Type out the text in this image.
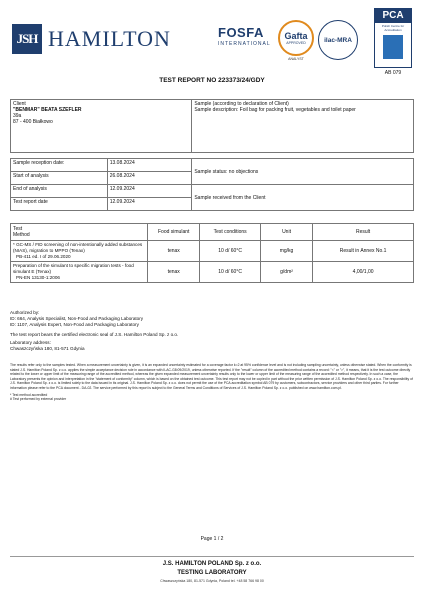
JSH HAMILTON	FOSFA
INTERNATIONAL
Gafta
APPROVED
ANALYST
ilac-MRA
PCA
Polish Centre for Accreditation
AB 079
TEST REPORT NO 223373/24/GDY
Client
"BENMAR" BEATA SZEFLER
39a
87 - 400 Białkowo

Sample (according to declaration of Client)
Sample description: Foil bag for packing fruit, vegetables and toilet paper
Sample reception date:	13.08.2024	Sample status: no objections
Start of analysis	26.08.2024	
End of analysis	12.09.2024	Sample received from the Client
Test report date	12.09.2024	
Test
Method	Food simulant	Test conditions	Unit	Result

* GC-MS / FID screening of non-intentionally added substances (NIAS), migration to MPPO (Tenax)
PB-411 ed. I of 29.06.2020	tenax	10 d/ 60°C	mg/kg	Result in Annex No.1

Preparation of the simulant to specific migration tests - food simulant E (Tenax)
PN-EN 13130-1:2006	tenax	10 d/ 60°C	g/dm²	4,00/1,00
Authorized by:
ID: 664, Analysis Specialist, Non-Food and Packaging Laboratory
ID: 1107, Analysis Expert, Non-Food and Packaging Laboratory
The test report bears the certified electronic seal of J.S. Hamilton Poland Sp. z o.o.
Laboratory address:
Chwaszczyńska 180, 81-571 Gdynia
The results refer only to the samples tested. When a measurement uncertainty is given, it is an expanded uncertainty estimated for a coverage factor k=2 at 95% confidence level and is not including sampling uncertainty, unless otherwise stated. When the conformity is stated J.S. Hamilton Poland Sp. z o.o. applies the simple acceptance decision rule in accordance with ILAC-G8:09/2019, unless otherwise reported. If the "result" column of the accredited method contains a record: "<" or ">", it means, that it is the test outcome directly related to the lower or upper limit of the measuring range of the accredited method, whereas the given expanded measurement uncertainty results only to the lower or upper limit of the measuring range of the accredited method respectively. In such a case, the Laboratory presents the opinion and interpretation in the "statement of conformity" column, which is based on the obtained test outcome. This test report may not be copied in part without the prior written permission of J.S. Hamilton Poland Sp. z o.o. The responsibility of J.S. Hamilton Poland Sp. z o.o. is limited solely to the data issued in its original. J.S. Hamilton Poland Sp. z o.o. does not permit the use of the PCA accreditation symbol AB 079 by customers, subcontractors, service providers and other third parties. For further information please refer to the PCA document - DA-02. The service performed by this report is subject to the General Terms and Conditions of Services of J.S. Hamilton Poland Sp. z o.o. published on www.hamilton.com.pl.
* Test method accredited
# Test performed by external provider
Page 1 / 2
J.S. HAMILTON POLAND Sp. z o.o.
TESTING LABORATORY
Chwaszczyńska 180, 81-571 Gdynia, Poland tel. +48 58 766 98 00
